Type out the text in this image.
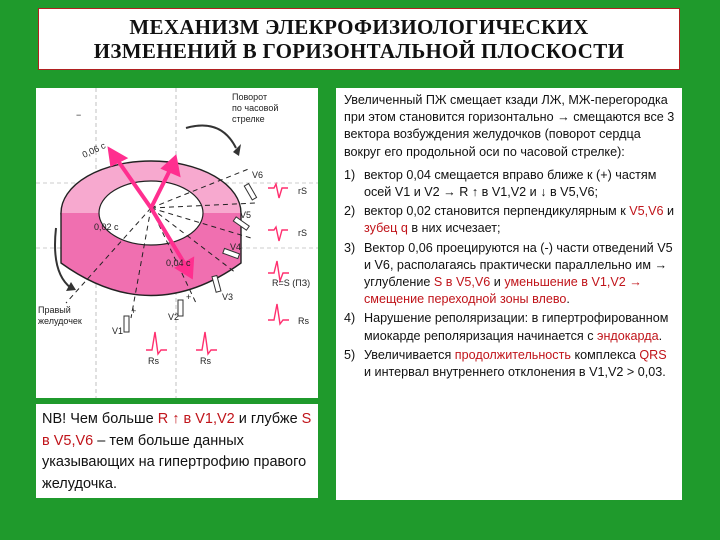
МЕХАНИЗМ ЭЛЕКРОФИЗИОЛОГИЧЕСКИХ
ИЗМЕНЕНИЙ В ГОРИЗОНТАЛЬНОЙ ПЛОСКОСТИ
Поворот
по часовой
стрелке
0,06 с
0,02 с
0,04 с
Правый
желудочек
V6
V5
V4
V3
V2
V1
rS
rS
R=S (ПЗ)
Rs
Rs	Rs
+
+
−
NB! Чем больше R ↑ в V1,V2 и глубже S в V5,V6 – тем больше данных указывающих на гипертрофию правого желудочка.

Увеличенный ПЖ смещает кзади ЛЖ, МЖ-перегородка при этом становится горизонтально → смещаются все 3 вектора возбуждения желудочков (поворот сердца вокруг его продольной оси по часовой стрелке):

1) вектор 0,04 смещается вправо ближе к (+) частям осей V1 и V2 → R ↑ в V1,V2 и ↓ в V5,V6;
2) вектор 0,02 становится перпендикулярным к V5,V6 и зубец q в них исчезает;
3) Вектор 0,06 проецируются на (-) части отведений V5 и V6, располагаясь практически параллельно им → углубление S в V5,V6 и уменьшение в V1,V2 → смещение переходной зоны влево.
4) Нарушение реполяризации: в гипертрофированном миокарде реполяризация начинается с эндокарда.
5) Увеличивается продолжительность комплекса QRS и интервал внутреннего отклонения в V1,V2 > 0,03.
